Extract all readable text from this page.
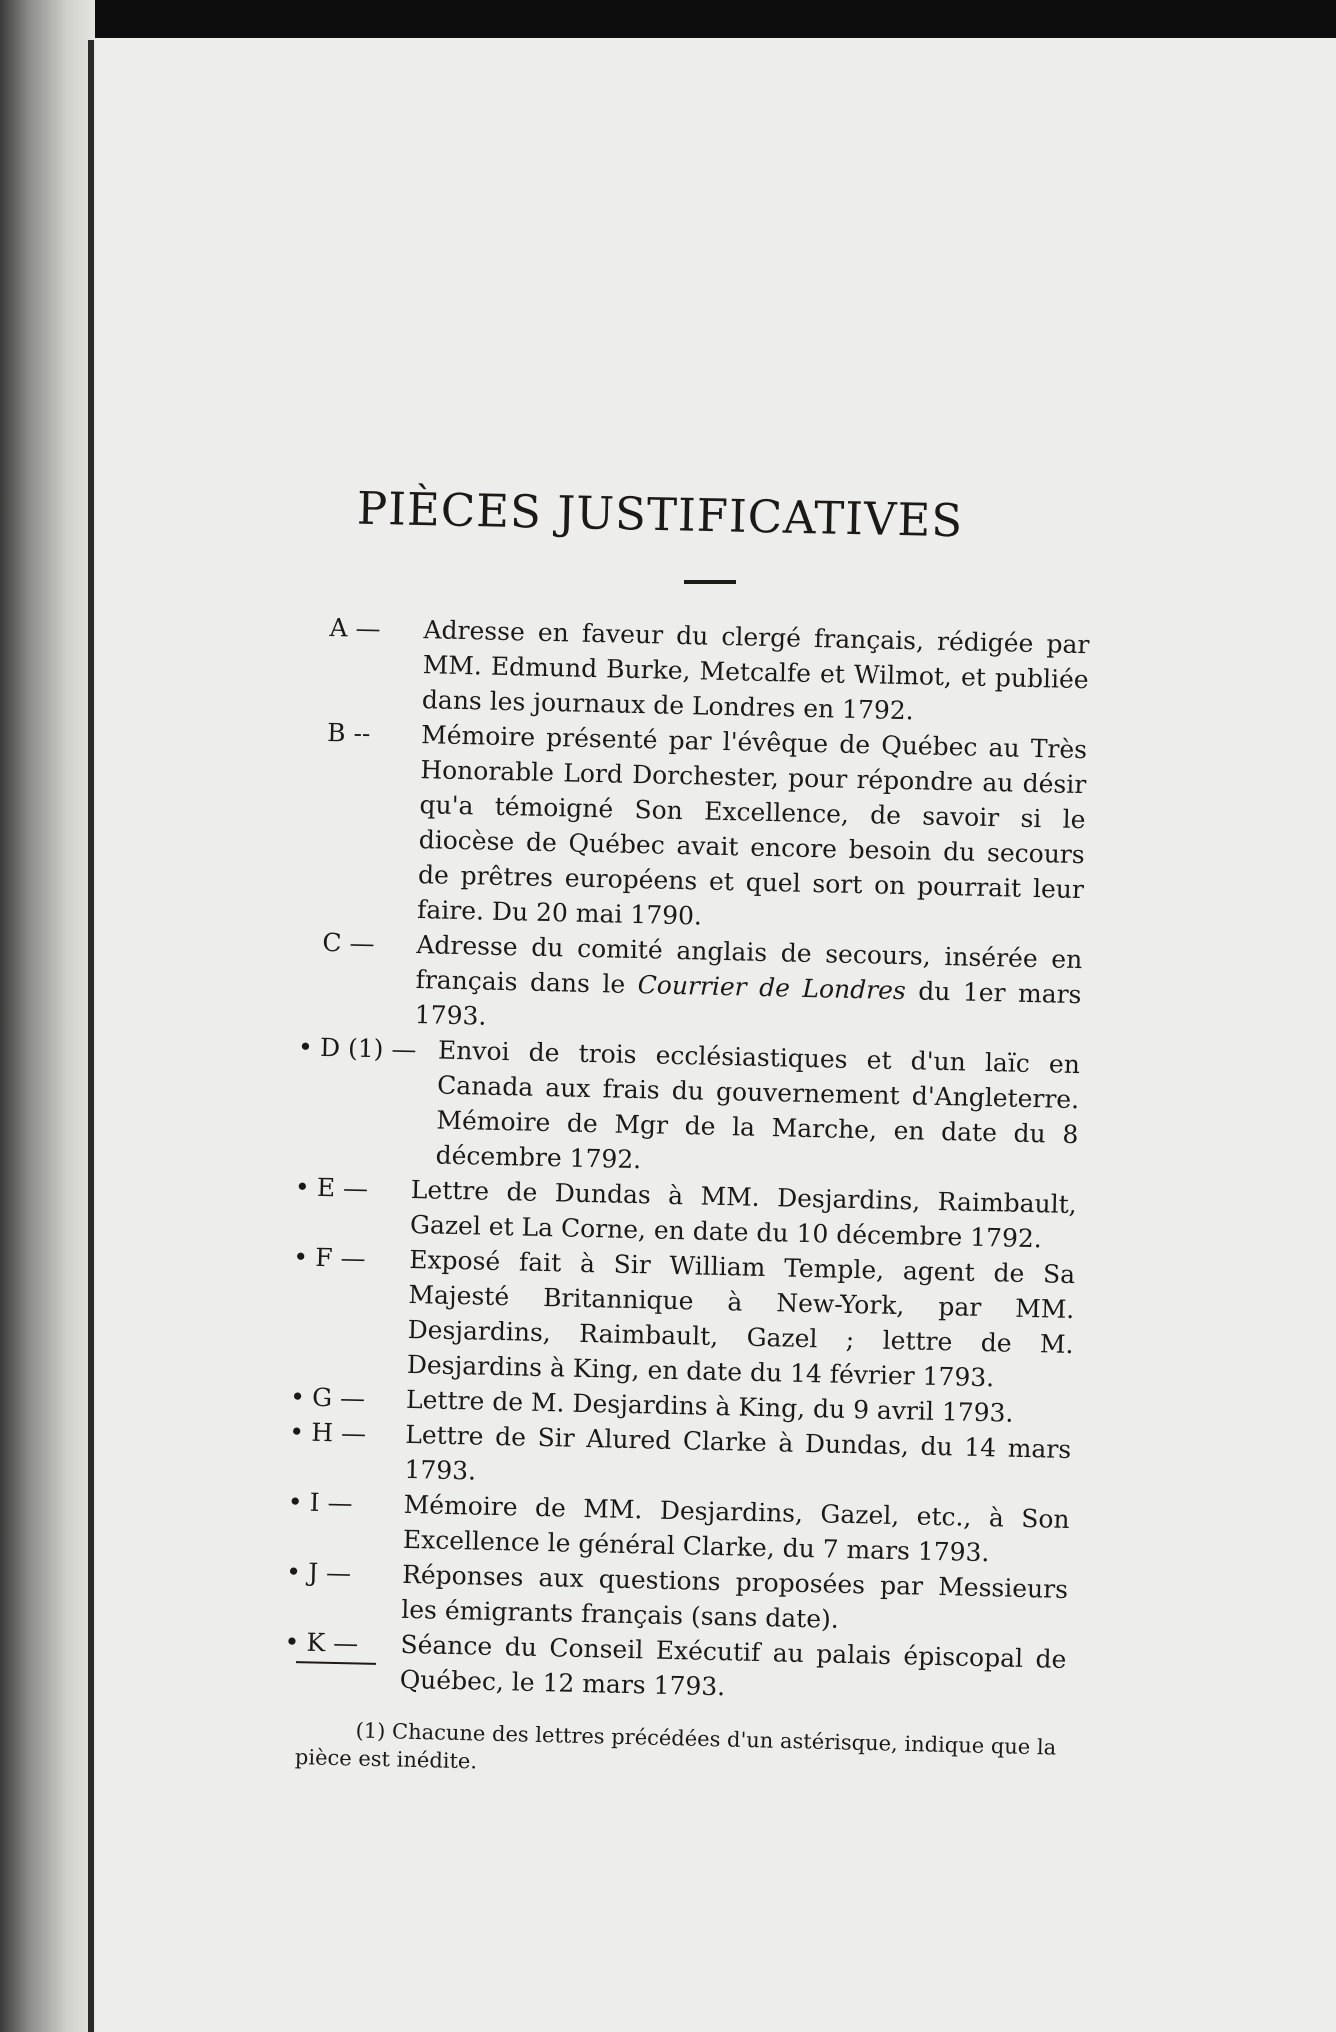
PIÈCES JUSTIFICATIVES

A — Adresse en faveur du clergé français, rédigée par MM. Edmund Burke, Metcalfe et Wilmot, et publiée dans les journaux de Londres en 1792.

B -- Mémoire présenté par l'évêque de Québec au Très Honorable Lord Dorchester, pour répondre au désir qu'a témoigné Son Excellence, de savoir si le diocèse de Québec avait encore besoin du secours de prêtres européens et quel sort on pourrait leur faire. Du 20 mai 1790.

C — Adresse du comité anglais de secours, insérée en français dans le Courrier de Londres du 1er mars 1793.

• D (1) — Envoi de trois ecclésiastiques et d'un laïc en Canada aux frais du gouvernement d'Angleterre. Mémoire de Mgr de la Marche, en date du 8 décembre 1792.

• E — Lettre de Dundas à MM. Desjardins, Raimbault, Gazel et La Corne, en date du 10 décembre 1792.

• F — Exposé fait à Sir William Temple, agent de Sa Majesté Britannique à New-York, par MM. Desjardins, Raimbault, Gazel ; lettre de M. Desjardins à King, en date du 14 février 1793.

• G — Lettre de M. Desjardins à King, du 9 avril 1793.

• H — Lettre de Sir Alured Clarke à Dundas, du 14 mars 1793.

• I — Mémoire de MM. Desjardins, Gazel, etc., à Son Excellence le général Clarke, du 7 mars 1793.

• J — Réponses aux questions proposées par Messieurs les émigrants français (sans date).

• K — Séance du Conseil Exécutif au palais épiscopal de Québec, le 12 mars 1793.

(1) Chacune des lettres précédées d'un astérisque, indique que la pièce est inédite.
